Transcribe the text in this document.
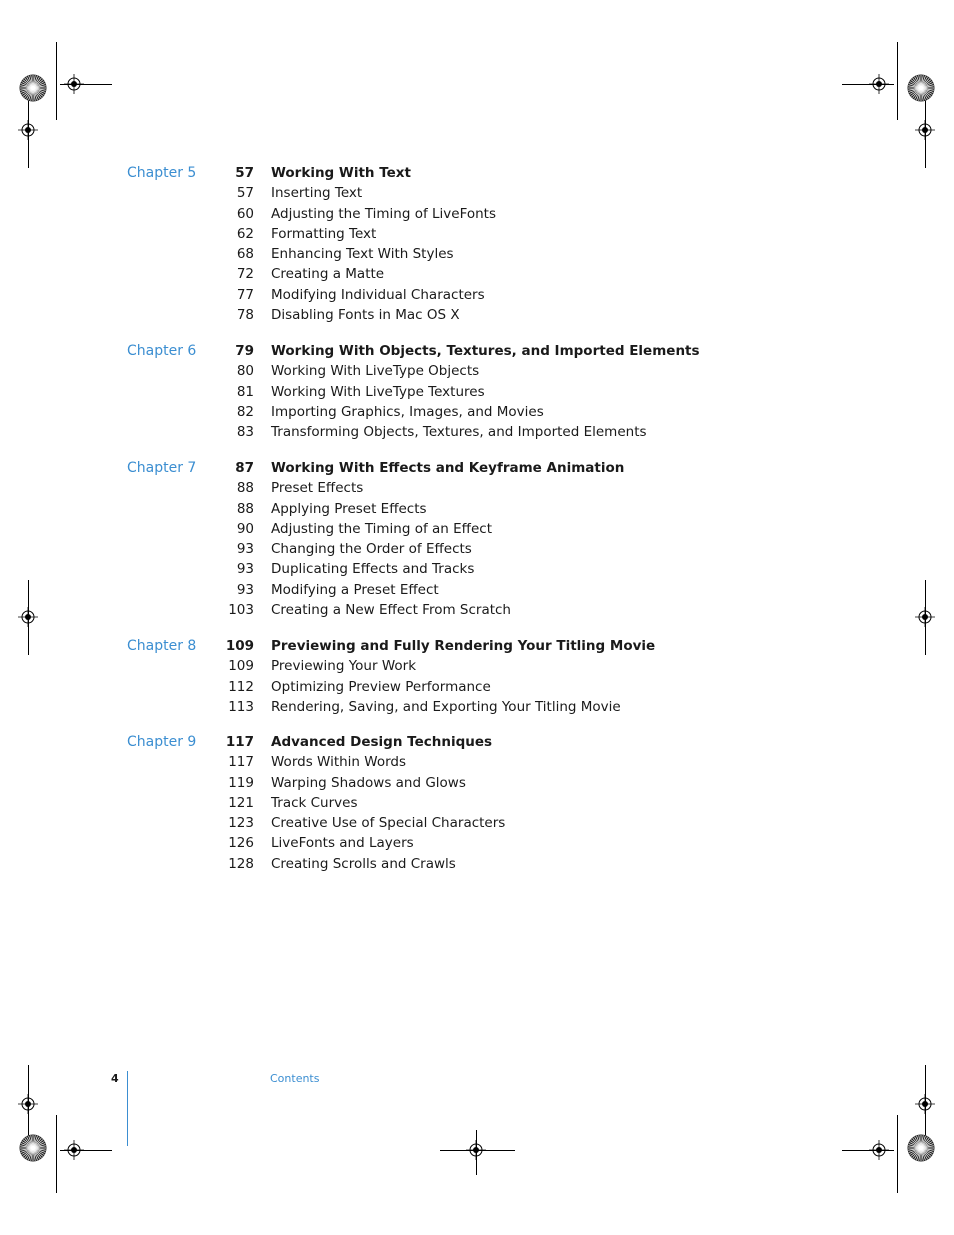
Chapter 5	57 Working With Text
57 Inserting Text
60 Adjusting the Timing of LiveFonts
62 Formatting Text
68 Enhancing Text With Styles
72 Creating a Matte
77 Modifying Individual Characters
78 Disabling Fonts in Mac OS X
Chapter 6	79 Working With Objects, Textures, and Imported Elements
80 Working With LiveType Objects
81 Working With LiveType Textures
82 Importing Graphics, Images, and Movies
83 Transforming Objects, Textures, and Imported Elements
Chapter 7	87 Working With Effects and Keyframe Animation
88 Preset Effects
88 Applying Preset Effects
90 Adjusting the Timing of an Effect
93 Changing the Order of Effects
93 Duplicating Effects and Tracks
93 Modifying a Preset Effect
103 Creating a New Effect From Scratch
Chapter 8	109 Previewing and Fully Rendering Your Titling Movie
109 Previewing Your Work
112 Optimizing Preview Performance
113 Rendering, Saving, and Exporting Your Titling Movie
Chapter 9	117 Advanced Design Techniques
117 Words Within Words
119 Warping Shadows and Glows
121 Track Curves
123 Creative Use of Special Characters
126 LiveFonts and Layers
128 Creating Scrolls and Crawls
4	Contents
